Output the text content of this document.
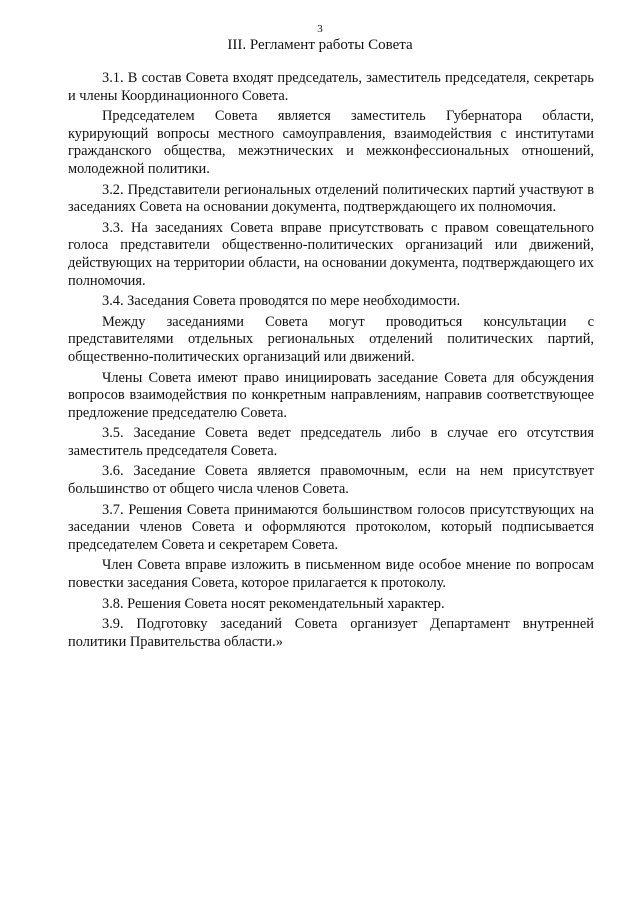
3
III. Регламент работы Совета

3.1. В состав Совета входят председатель, заместитель председателя, секретарь и члены Координационного Совета.

Председателем Совета является заместитель Губернатора области, курирующий вопросы местного самоуправления, взаимодействия с институтами гражданского общества, межэтнических и межконфессиональных отношений, молодежной политики.

3.2. Представители региональных отделений политических партий участвуют в заседаниях Совета на основании документа, подтверждающего их полномочия.

3.3. На заседаниях Совета вправе присутствовать с правом совещательного голоса представители общественно-политических организаций или движений, действующих на территории области, на основании документа, подтверждающего их полномочия.

3.4. Заседания Совета проводятся по мере необходимости.

Между заседаниями Совета могут проводиться консультации с представителями отдельных региональных отделений политических партий, общественно-политических организаций или движений.

Члены Совета имеют право инициировать заседание Совета для обсуждения вопросов взаимодействия по конкретным направлениям, направив соответствующее предложение председателю Совета.

3.5. Заседание Совета ведет председатель либо в случае его отсутствия заместитель председателя Совета.

3.6. Заседание Совета является правомочным, если на нем присутствует большинство от общего числа членов Совета.

3.7. Решения Совета принимаются большинством голосов присутствующих на заседании членов Совета и оформляются протоколом, который подписывается председателем Совета и секретарем Совета.

Член Совета вправе изложить в письменном виде особое мнение по вопросам повестки заседания Совета, которое прилагается к протоколу.

3.8. Решения Совета носят рекомендательный характер.

3.9. Подготовку заседаний Совета организует Департамент внутренней политики Правительства области.»
